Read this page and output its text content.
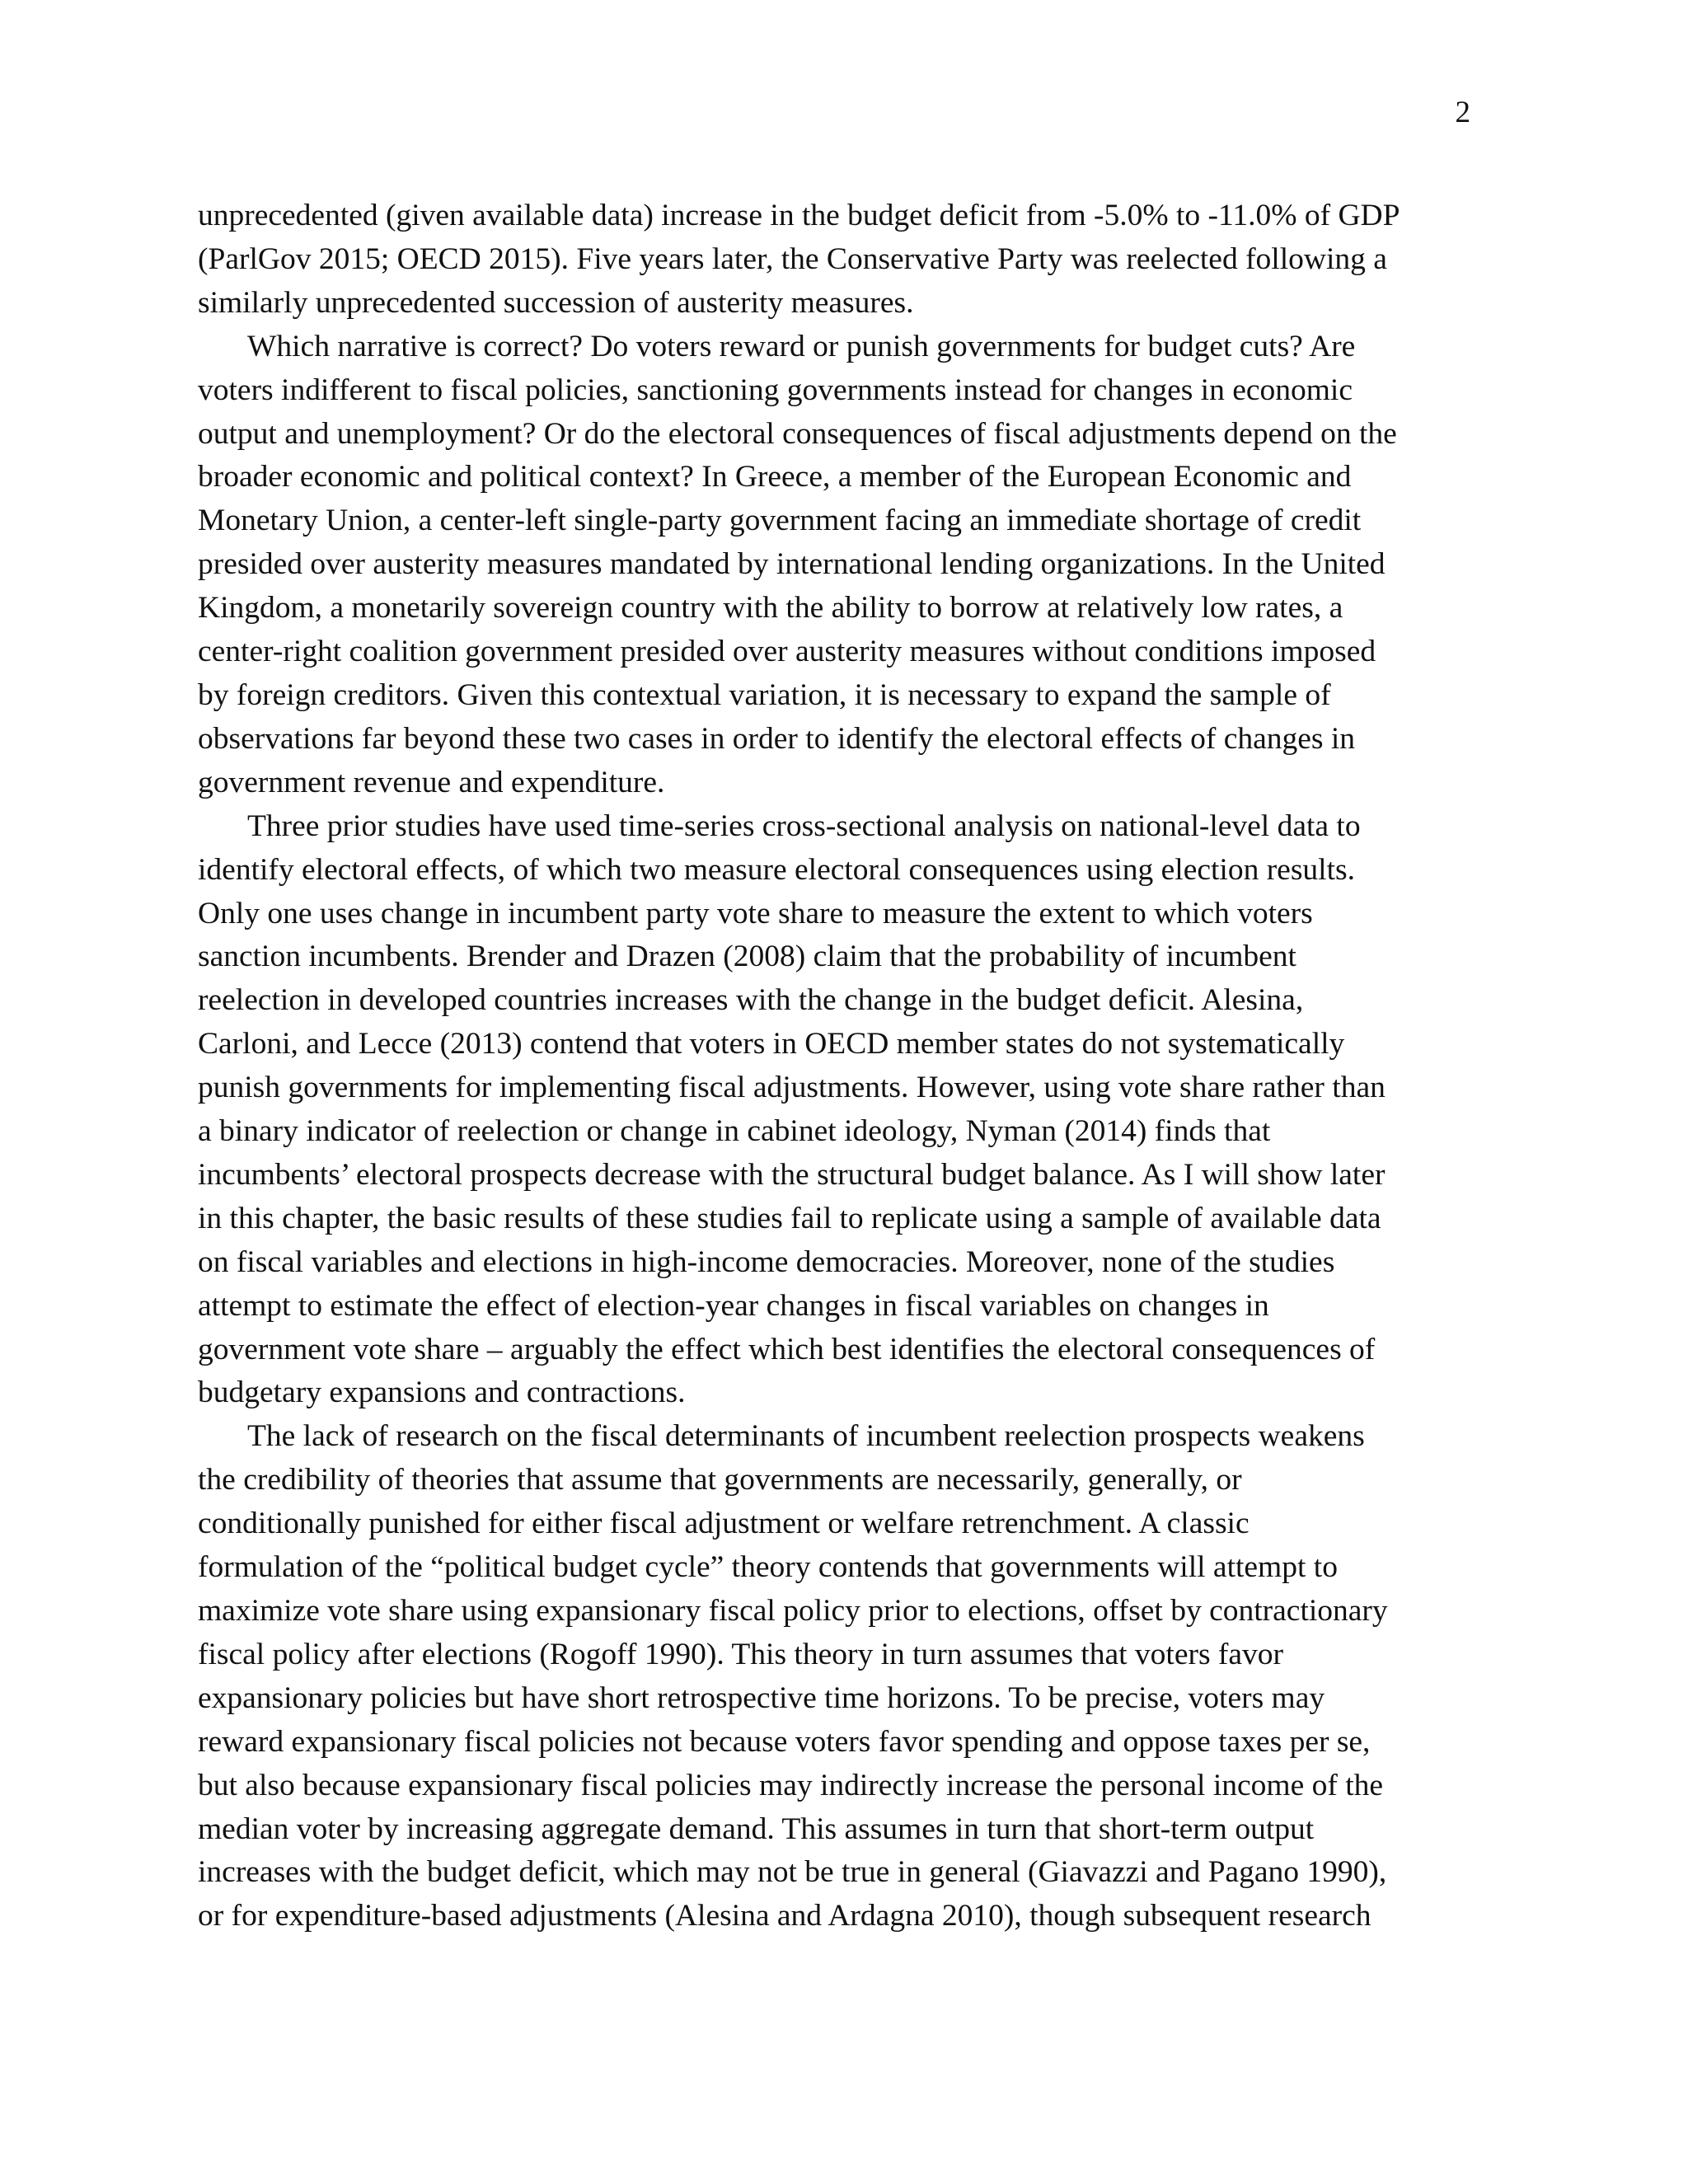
2
unprecedented (given available data) increase in the budget deficit from -5.0% to -11.0% of GDP
(ParlGov 2015; OECD 2015). Five years later, the Conservative Party was reelected following a
similarly unprecedented succession of austerity measures.
Which narrative is correct? Do voters reward or punish governments for budget cuts? Are
voters indifferent to fiscal policies, sanctioning governments instead for changes in economic
output and unemployment? Or do the electoral consequences of fiscal adjustments depend on the
broader economic and political context? In Greece, a member of the European Economic and
Monetary Union, a center-left single-party government facing an immediate shortage of credit
presided over austerity measures mandated by international lending organizations. In the United
Kingdom, a monetarily sovereign country with the ability to borrow at relatively low rates, a
center-right coalition government presided over austerity measures without conditions imposed
by foreign creditors. Given this contextual variation, it is necessary to expand the sample of
observations far beyond these two cases in order to identify the electoral effects of changes in
government revenue and expenditure.
Three prior studies have used time-series cross-sectional analysis on national-level data to
identify electoral effects, of which two measure electoral consequences using election results.
Only one uses change in incumbent party vote share to measure the extent to which voters
sanction incumbents. Brender and Drazen (2008) claim that the probability of incumbent
reelection in developed countries increases with the change in the budget deficit. Alesina,
Carloni, and Lecce (2013) contend that voters in OECD member states do not systematically
punish governments for implementing fiscal adjustments. However, using vote share rather than
a binary indicator of reelection or change in cabinet ideology, Nyman (2014) finds that
incumbents’ electoral prospects decrease with the structural budget balance. As I will show later
in this chapter, the basic results of these studies fail to replicate using a sample of available data
on fiscal variables and elections in high-income democracies. Moreover, none of the studies
attempt to estimate the effect of election-year changes in fiscal variables on changes in
government vote share – arguably the effect which best identifies the electoral consequences of
budgetary expansions and contractions.
The lack of research on the fiscal determinants of incumbent reelection prospects weakens
the credibility of theories that assume that governments are necessarily, generally, or
conditionally punished for either fiscal adjustment or welfare retrenchment. A classic
formulation of the “political budget cycle” theory contends that governments will attempt to
maximize vote share using expansionary fiscal policy prior to elections, offset by contractionary
fiscal policy after elections (Rogoff 1990). This theory in turn assumes that voters favor
expansionary policies but have short retrospective time horizons. To be precise, voters may
reward expansionary fiscal policies not because voters favor spending and oppose taxes per se,
but also because expansionary fiscal policies may indirectly increase the personal income of the
median voter by increasing aggregate demand. This assumes in turn that short-term output
increases with the budget deficit, which may not be true in general (Giavazzi and Pagano 1990),
or for expenditure-based adjustments (Alesina and Ardagna 2010), though subsequent research
